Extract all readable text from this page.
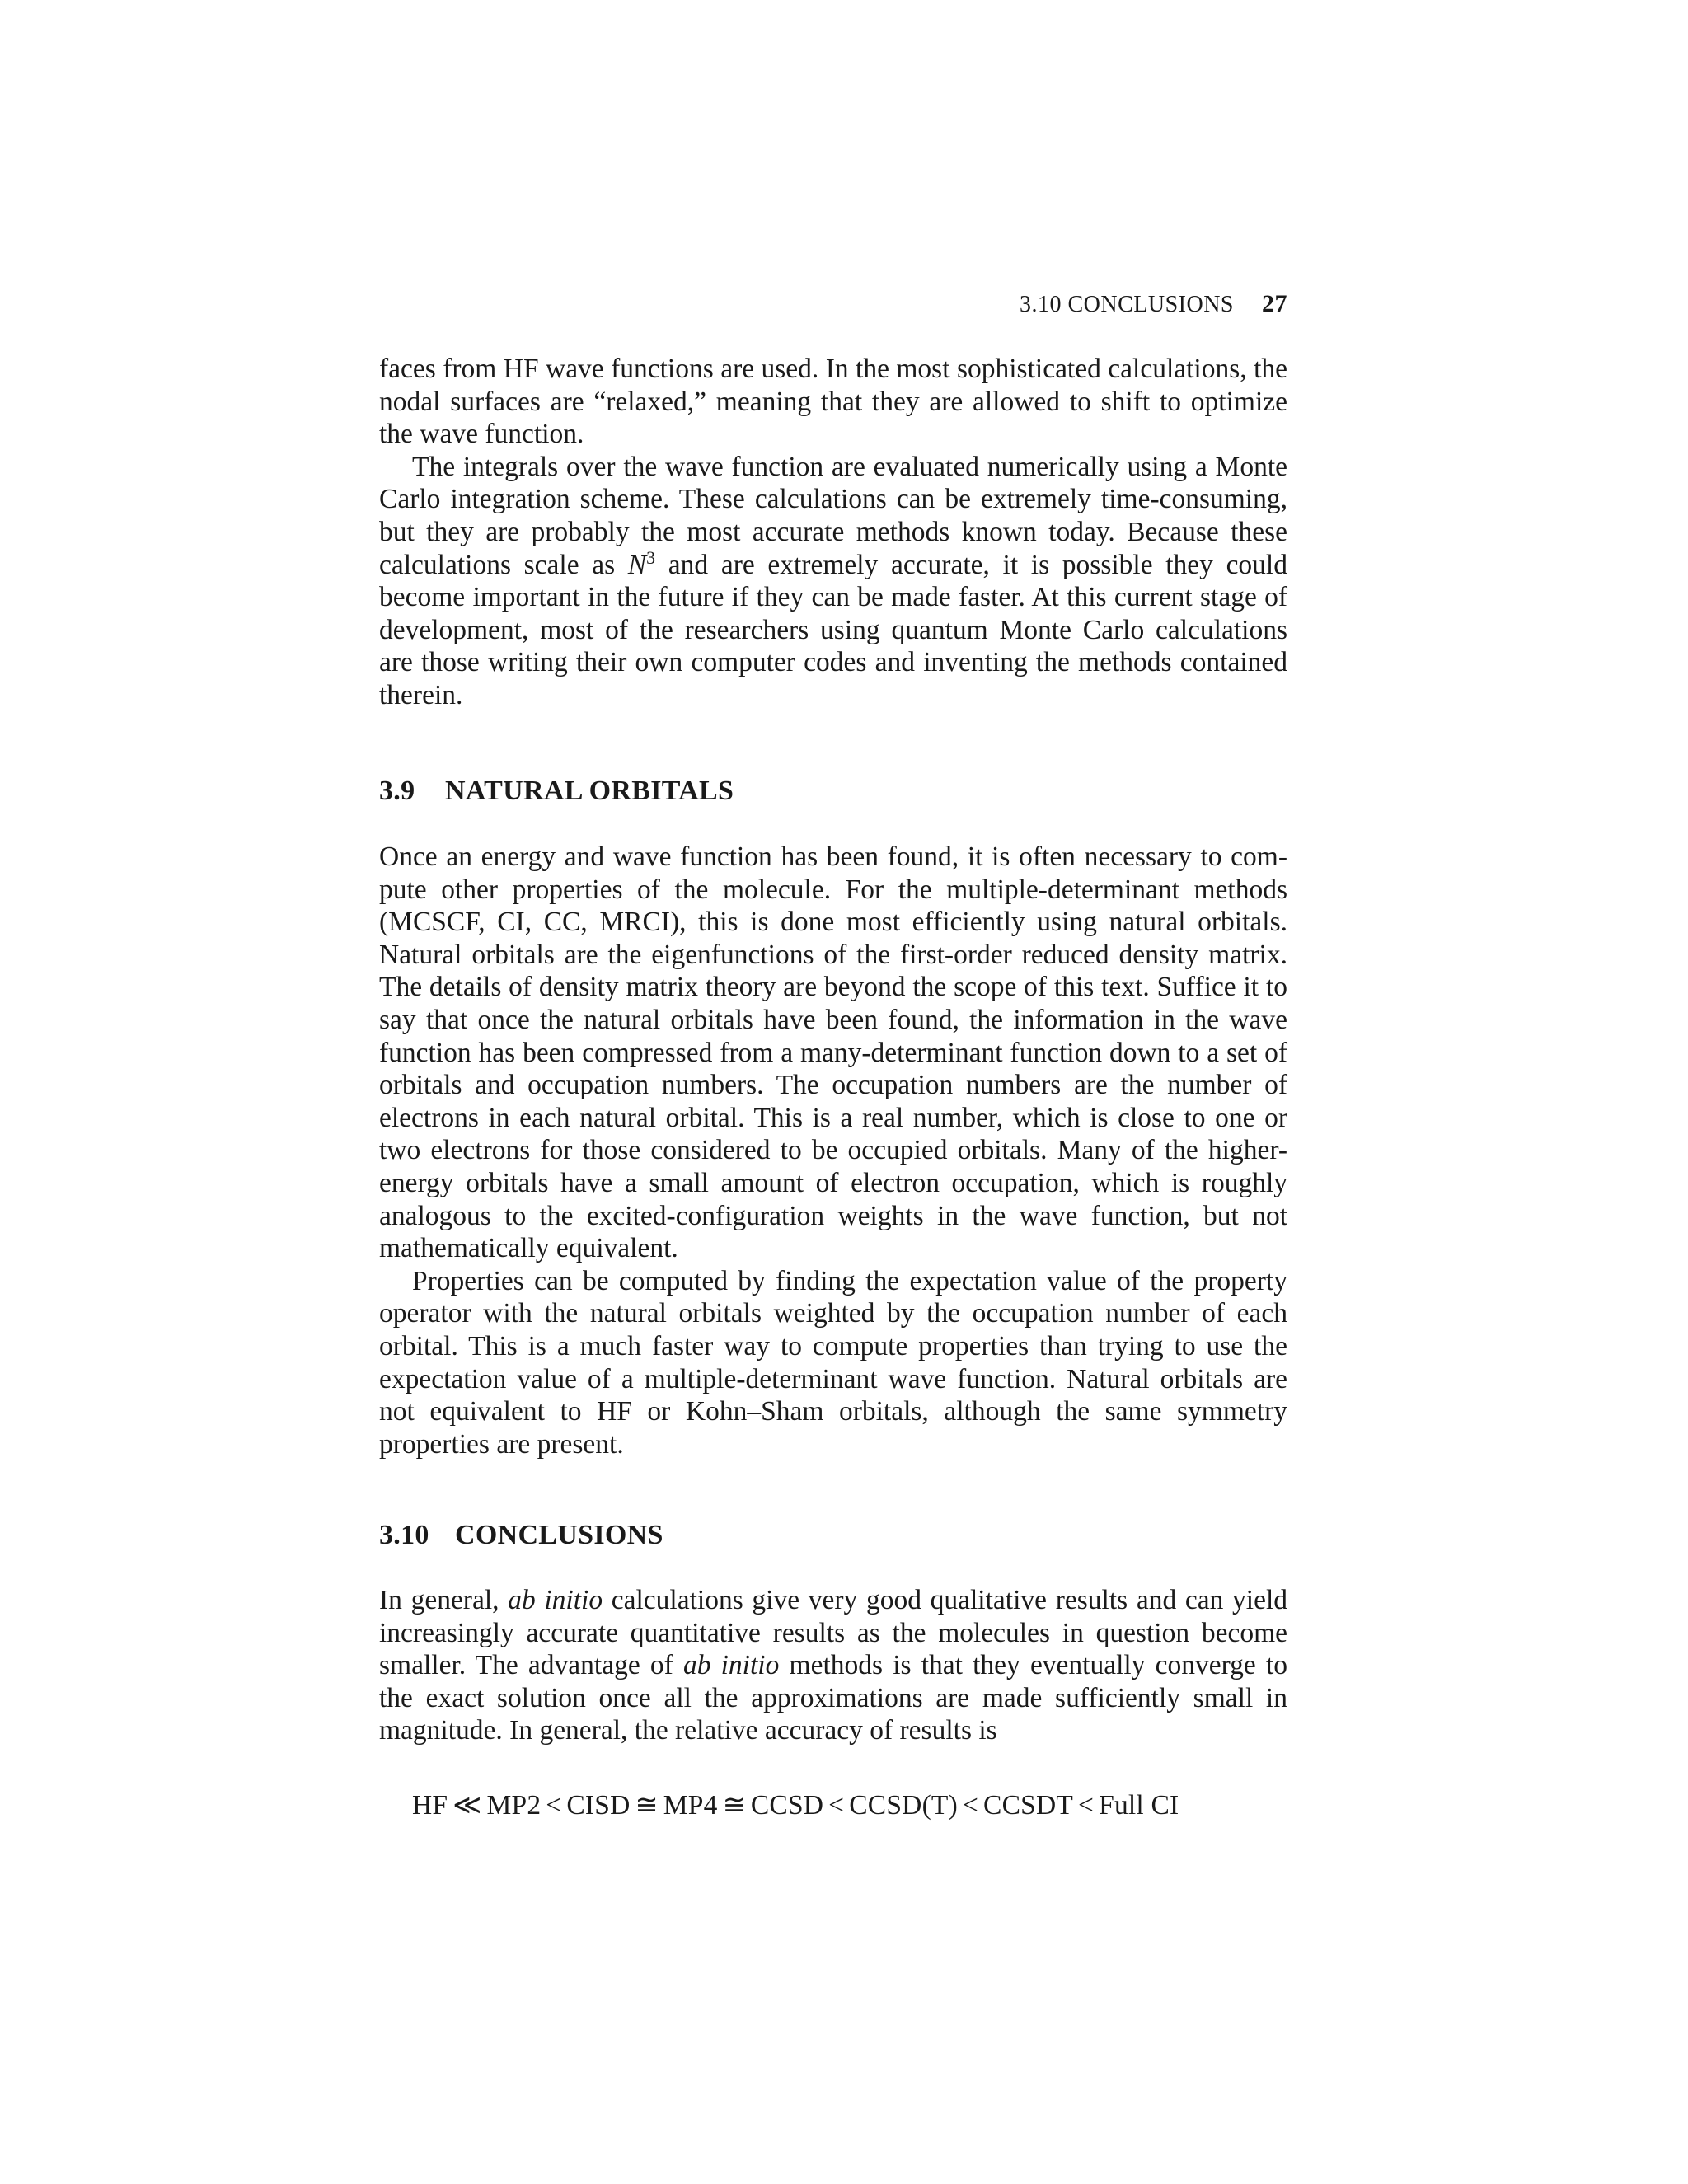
3.10 CONCLUSIONS 27

faces from HF wave functions are used. In the most sophisticated calculations, the nodal surfaces are “relaxed,” meaning that they are allowed to shift to optimize the wave function.

The integrals over the wave function are evaluated numerically using a Monte Carlo integration scheme. These calculations can be extremely time-consuming, but they are probably the most accurate methods known today. Because these calculations scale as $N^3$ and are extremely accurate, it is possible they could become important in the future if they can be made faster. At this current stage of development, most of the researchers using quantum Monte Carlo calculations are those writing their own computer codes and inventing the methods contained therein.

3.9 NATURAL ORBITALS

Once an energy and wave function has been found, it is often necessary to compute other properties of the molecule. For the multiple-determinant methods (MCSCF, CI, CC, MRCI), this is done most efficiently using natural orbitals. Natural orbitals are the eigenfunctions of the first-order reduced density matrix. The details of density matrix theory are beyond the scope of this text. Suffice it to say that once the natural orbitals have been found, the information in the wave function has been compressed from a many-determinant function down to a set of orbitals and occupation numbers. The occupation numbers are the number of electrons in each natural orbital. This is a real number, which is close to one or two electrons for those considered to be occupied orbitals. Many of the higher-energy orbitals have a small amount of electron occupation, which is roughly analogous to the excited-configuration weights in the wave function, but not mathematically equivalent.

Properties can be computed by finding the expectation value of the property operator with the natural orbitals weighted by the occupation number of each orbital. This is a much faster way to compute properties than trying to use the expectation value of a multiple-determinant wave function. Natural orbitals are not equivalent to HF or Kohn–Sham orbitals, although the same symmetry properties are present.

3.10 CONCLUSIONS

In general, ab initio calculations give very good qualitative results and can yield increasingly accurate quantitative results as the molecules in question become smaller. The advantage of ab initio methods is that they eventually converge to the exact solution once all the approximations are made sufficiently small in magnitude. In general, the relative accuracy of results is

HF ≪ MP2 < CISD ≅ MP4 ≅ CCSD < CCSD(T) < CCSDT < Full CI
